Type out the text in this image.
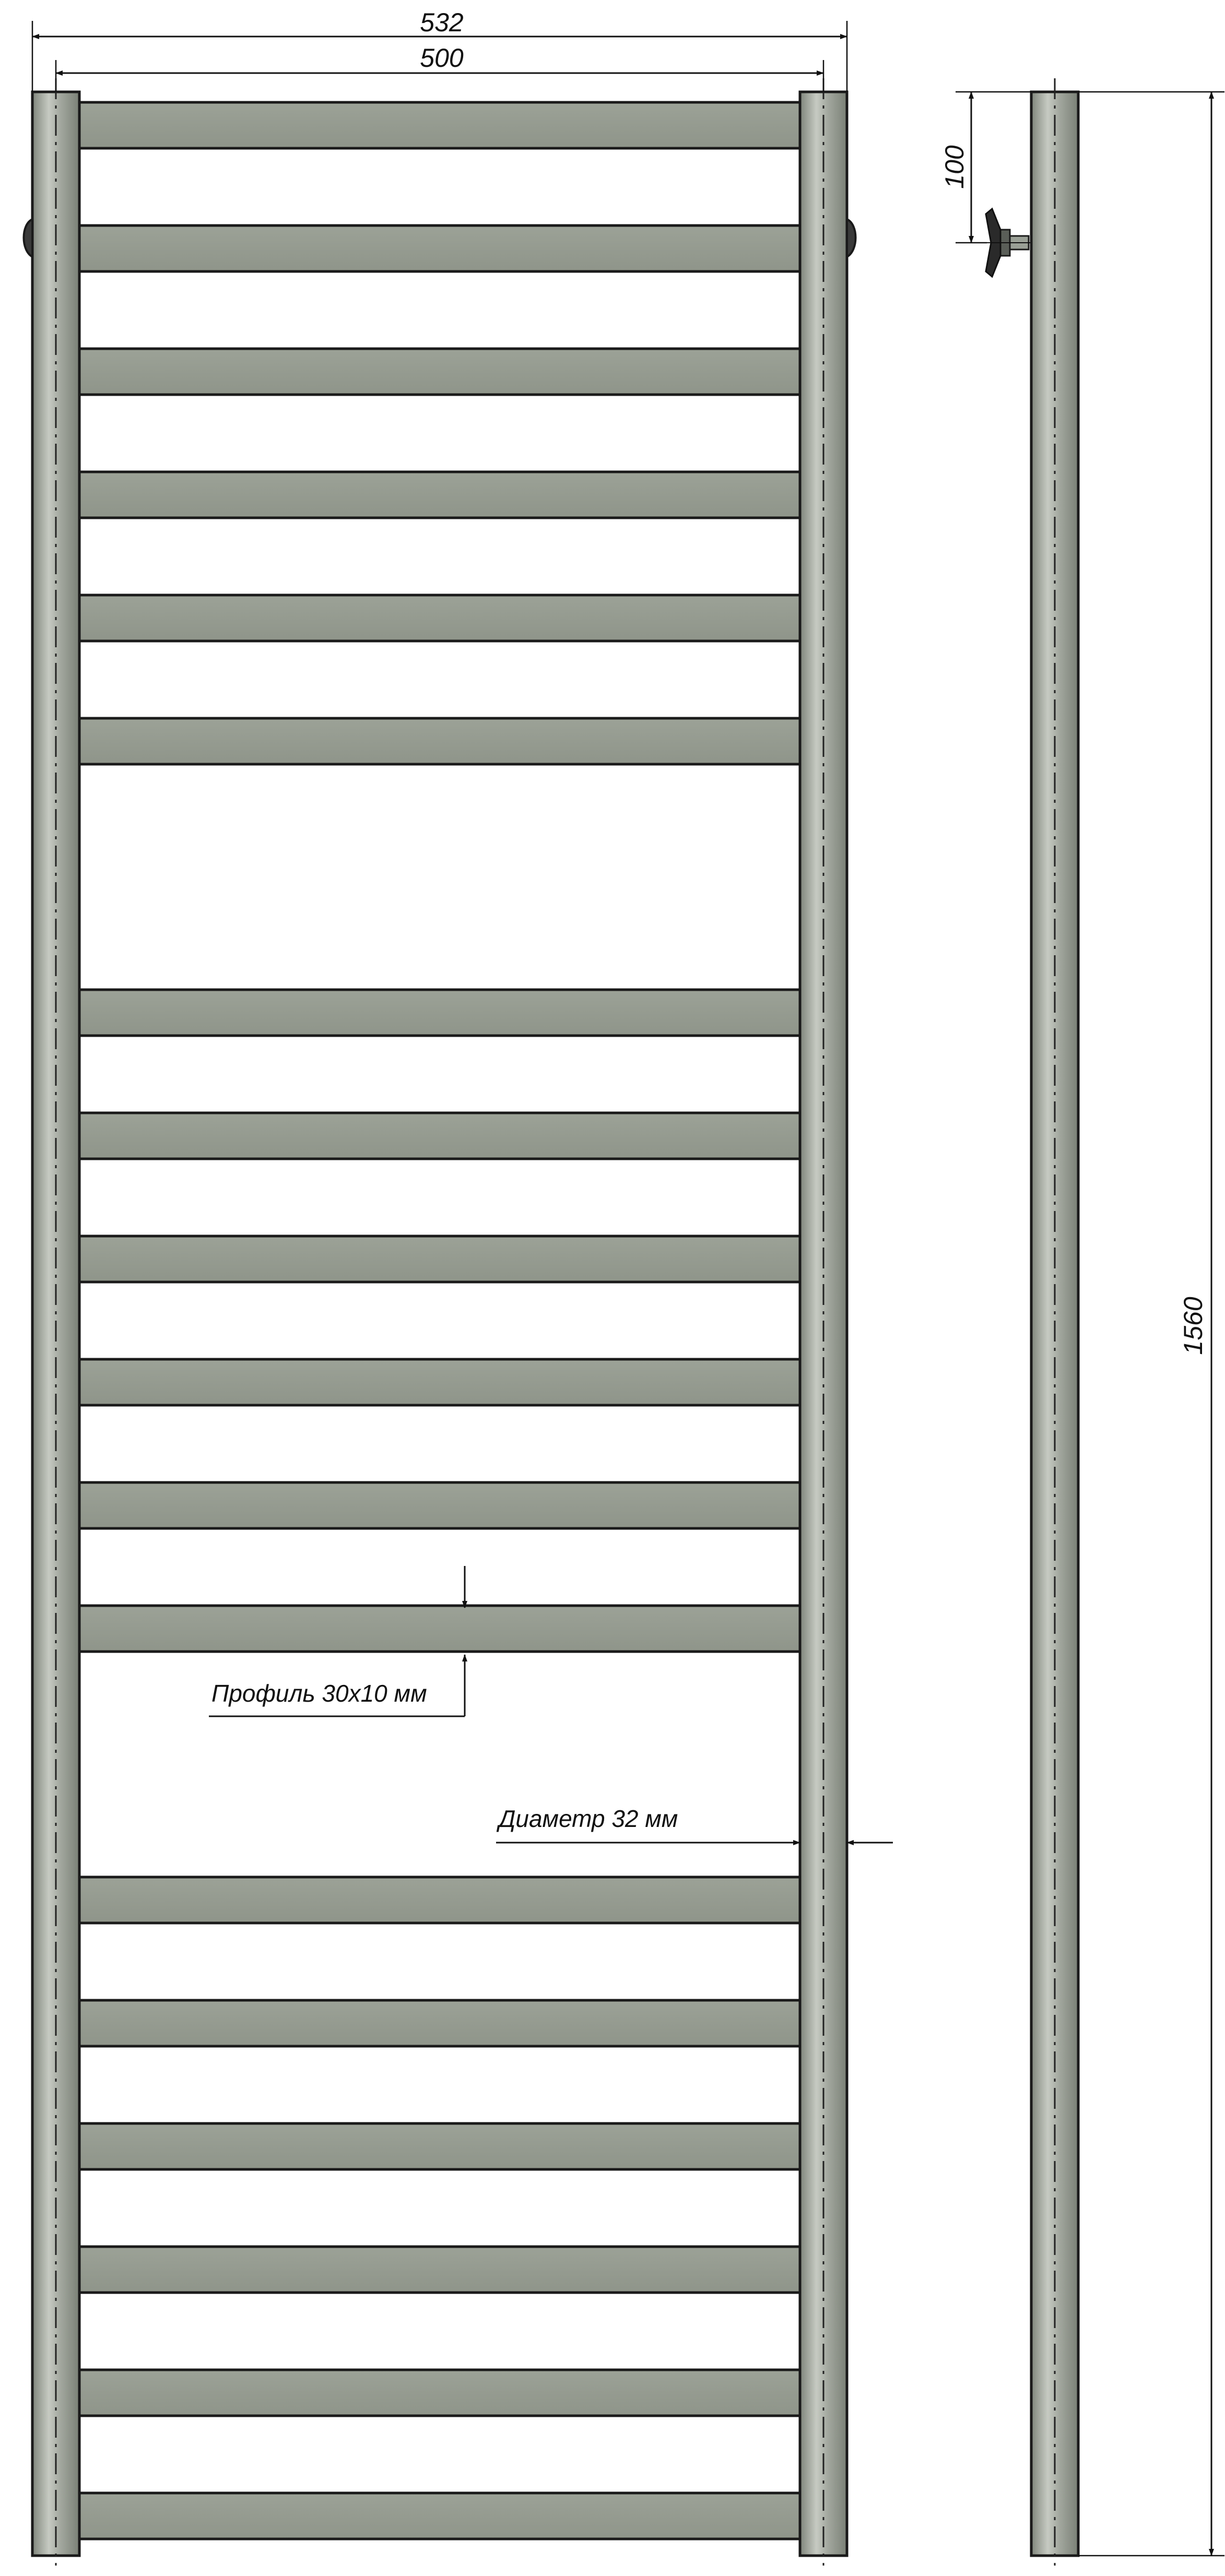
532
500
Профиль 30x10 мм
Диаметр 32 мм
100
1560
